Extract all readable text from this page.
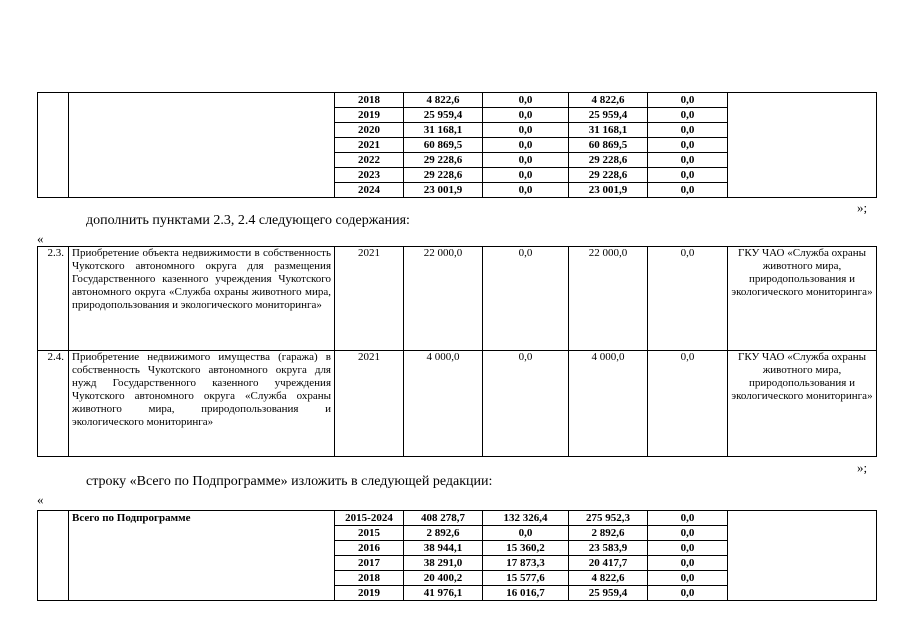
		2018	4 822,6	0,0	4 822,6	0,0	
		2019	25 959,4	0,0	25 959,4	0,0	
		2020	31 168,1	0,0	31 168,1	0,0	
		2021	60 869,5	0,0	60 869,5	0,0	
		2022	29 228,6	0,0	29 228,6	0,0	
		2023	29 228,6	0,0	29 228,6	0,0	
		2024	23 001,9	0,0	23 001,9	0,0	
»;
дополнить пунктами 2.3, 2.4 следующего содержания:
«
2.3.	Приобретение объекта недвижимости в собственность Чукотского автономного округа для размещения Государственного казенного учреждения Чукотского автономного округа «Служба охраны животного мира, природопользования и экологического мониторинга»	2021	22 000,0	0,0	22 000,0	0,0	ГКУ ЧАО «Служба охраны животного мира, природопользования и экологического мониторинга»
2.4.	Приобретение недвижимого имущества (гаража) в собственность Чукотского автономного округа для нужд Государственного казенного учреждения Чукотского автономного округа «Служба охраны животного мира, природопользования и экологического мониторинга»	2021	4 000,0	0,0	4 000,0	0,0	ГКУ ЧАО «Служба охраны животного мира, природопользования и экологического мониторинга»
»;
строку «Всего по Подпрограмме» изложить в следующей редакции:
«
	Всего по Подпрограмме	2015-2024	408 278,7	132 326,4	275 952,3	0,0	
		2015	2 892,6	0,0	2 892,6	0,0	
		2016	38 944,1	15 360,2	23 583,9	0,0	
		2017	38 291,0	17 873,3	20 417,7	0,0	
		2018	20 400,2	15 577,6	4 822,6	0,0	
		2019	41 976,1	16 016,7	25 959,4	0,0	
